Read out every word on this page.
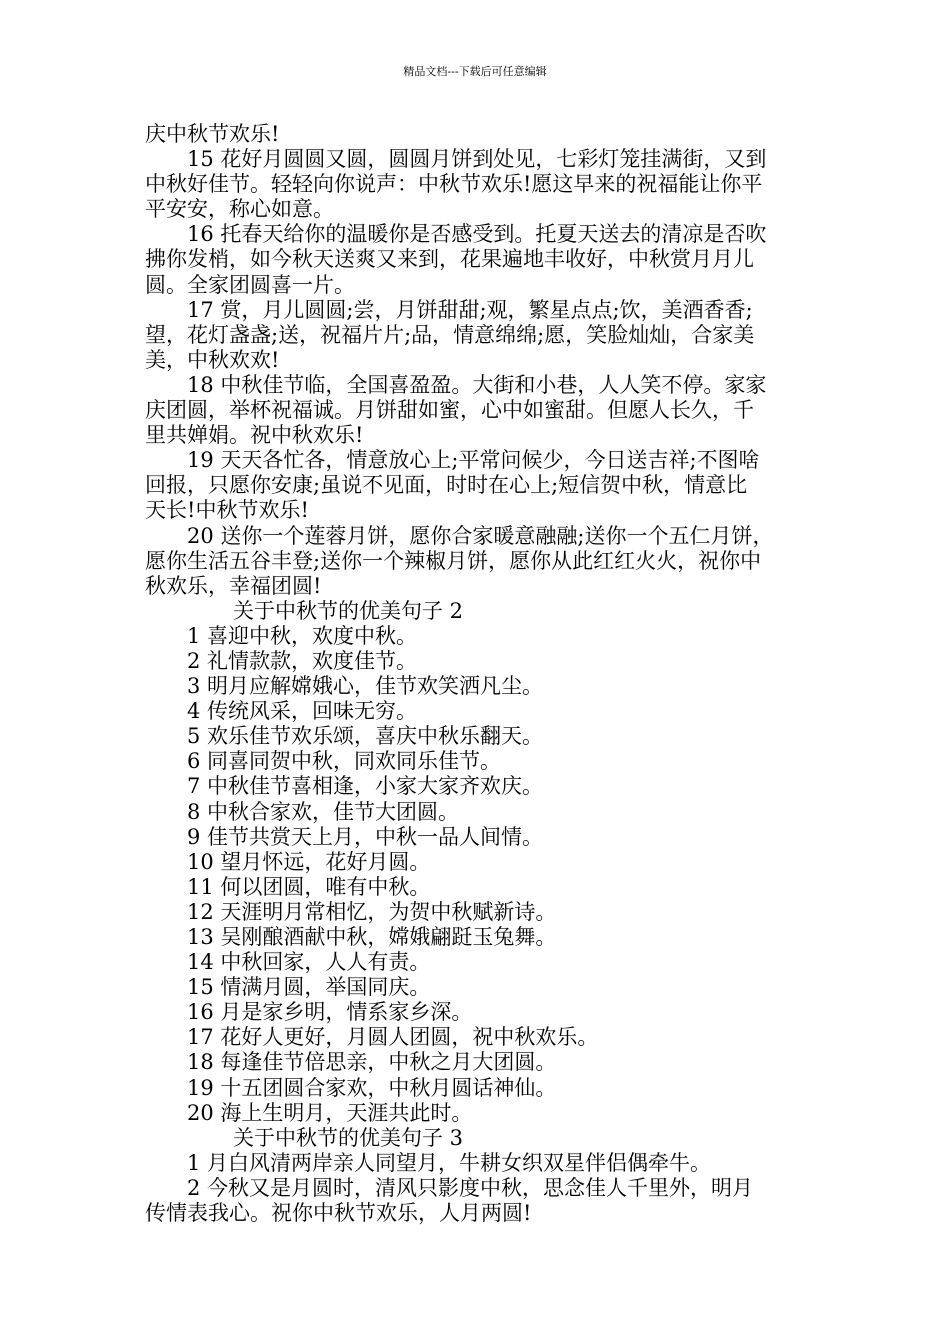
精品文档---下载后可任意编辑
庆中秋节欢乐!
15 花好月圆圆又圆，圆圆月饼到处见，七彩灯笼挂满街，又到
中秋好佳节。轻轻向你说声：中秋节欢乐!愿这早来的祝福能让你平
平安安，称心如意。
16 托春天给你的温暖你是否感受到。托夏天送去的清凉是否吹
拂你发梢，如今秋天送爽又来到，花果遍地丰收好，中秋赏月月儿
圆。全家团圆喜一片。
17 赏，月儿圆圆;尝，月饼甜甜;观，繁星点点;饮，美酒香香;
望，花灯盏盏;送，祝福片片;品，情意绵绵;愿，笑脸灿灿，合家美
美，中秋欢欢!
18 中秋佳节临，全国喜盈盈。大街和小巷，人人笑不停。家家
庆团圆，举杯祝福诚。月饼甜如蜜，心中如蜜甜。但愿人长久，千
里共婵娟。祝中秋欢乐!
19 天天各忙各，情意放心上;平常问候少，今日送吉祥;不图啥
回报，只愿你安康;虽说不见面，时时在心上;短信贺中秋，情意比
天长!中秋节欢乐!
20 送你一个莲蓉月饼，愿你合家暖意融融;送你一个五仁月饼，
愿你生活五谷丰登;送你一个辣椒月饼，愿你从此红红火火，祝你中
秋欢乐，幸福团圆!
关于中秋节的优美句子 2
1 喜迎中秋，欢度中秋。
2 礼情款款，欢度佳节。
3 明月应解嫦娥心，佳节欢笑洒凡尘。
4 传统风采，回味无穷。
5 欢乐佳节欢乐颂，喜庆中秋乐翻天。
6 同喜同贺中秋，同欢同乐佳节。
7 中秋佳节喜相逢，小家大家齐欢庆。
8 中秋合家欢，佳节大团圆。
9 佳节共赏天上月，中秋一品人间情。
10 望月怀远，花好月圆。
11 何以团圆，唯有中秋。
12 天涯明月常相忆，为贺中秋赋新诗。
13 吴刚酿酒献中秋，嫦娥翩跹玉兔舞。
14 中秋回家，人人有责。
15 情满月圆，举国同庆。
16 月是家乡明，情系家乡深。
17 花好人更好，月圆人团圆，祝中秋欢乐。
18 每逢佳节倍思亲，中秋之月大团圆。
19 十五团圆合家欢，中秋月圆话神仙。
20 海上生明月，天涯共此时。
关于中秋节的优美句子 3
1 月白风清两岸亲人同望月，牛耕女织双星伴侣偶牵牛。
2 今秋又是月圆时，清风只影度中秋，思念佳人千里外，明月
传情表我心。祝你中秋节欢乐，人月两圆!
